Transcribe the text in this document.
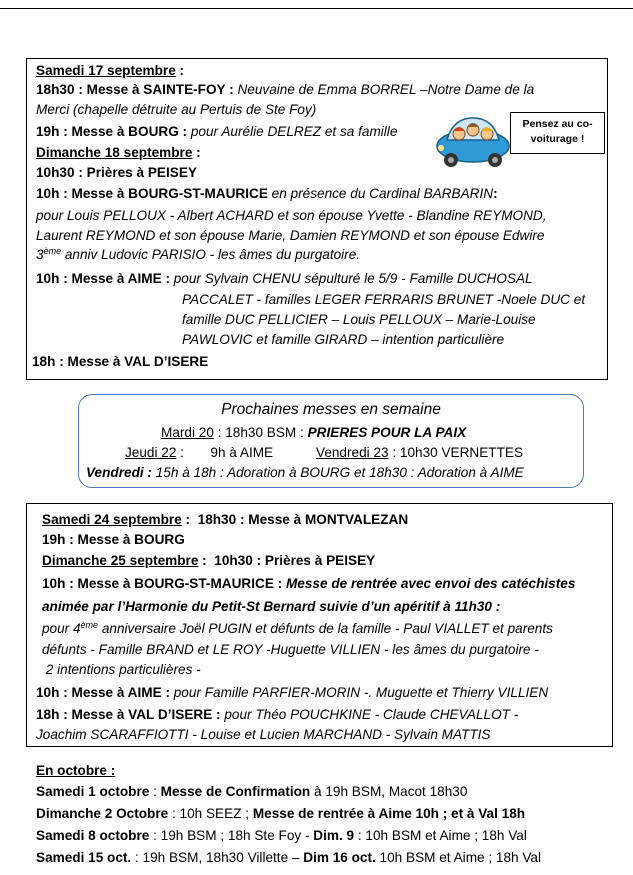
Samedi 17 septembre :
18h30 : Messe à SAINTE-FOY : Neuvaine de Emma BORREL –Notre Dame de la
Merci (chapelle détruite au Pertuis de Ste Foy)
19h : Messe à BOURG : pour Aurélie DELREZ et sa famille
Dimanche 18 septembre :
10h30 : Prières à PEISEY
10h : Messe à BOURG-ST-MAURICE en présence du Cardinal BARBARIN:
pour Louis PELLOUX - Albert ACHARD et son épouse Yvette - Blandine REYMOND,
Laurent REYMOND et son épouse Marie, Damien REYMOND et son épouse Edwire
3ème anniv Ludovic PARISIO - les âmes du purgatoire.
10h : Messe à AIME : pour Sylvain CHENU sépulturé le 5/9 - Famille DUCHOSAL
PACCALET - familles LEGER FERRARIS BRUNET -Noele DUC et
famille DUC PELLICIER – Louis PELLOUX – Marie-Louise
PAWLOVIC et famille GIRARD – intention particulière
18h : Messe à VAL D’ISERE
Pensez au co-
voiturage !
Prochaines messes en semaine
Mardi 20 : 18h30 BSM : PRIERES POUR LA PAIX
Jeudi 22 :       9h à AIME	Vendredi 23 : 10h30 VERNETTES
Vendredi : 15h à 18h : Adoration à BOURG et 18h30 : Adoration à AIME
Samedi 24 septembre :  18h30 : Messe à MONTVALEZAN
19h : Messe à BOURG
Dimanche 25 septembre :  10h30 : Prières à PEISEY
10h : Messe à BOURG-ST-MAURICE : Messe de rentrée avec envoi des catéchistes
animée par l’Harmonie du Petit-St Bernard suivie d’un apéritif à 11h30 :
pour 4ème anniversaire Joël PUGIN et défunts de la famille - Paul VIALLET et parents
défunts - Famille BRAND et LE ROY -Huguette VILLIEN - les âmes du purgatoire -
2 intentions particulières -
10h : Messe à AIME : pour Famille PARFIER-MORIN -. Muguette et Thierry VILLIEN
18h : Messe à VAL D’ISERE : pour Théo POUCHKINE - Claude CHEVALLOT -
Joachim SCARAFFIOTTI - Louise et Lucien MARCHAND - Sylvain MATTIS
En octobre :
Samedi 1 octobre : Messe de Confirmation à 19h BSM, Macot 18h30
Dimanche 2 Octobre : 10h SEEZ ; Messe de rentrée à Aime 10h ; et à Val 18h
Samedi 8 octobre : 19h BSM ; 18h Ste Foy - Dim. 9 : 10h BSM et Aime ; 18h Val
Samedi 15 oct. : 19h BSM, 18h30 Villette – Dim 16 oct. 10h BSM et Aime ; 18h Val
